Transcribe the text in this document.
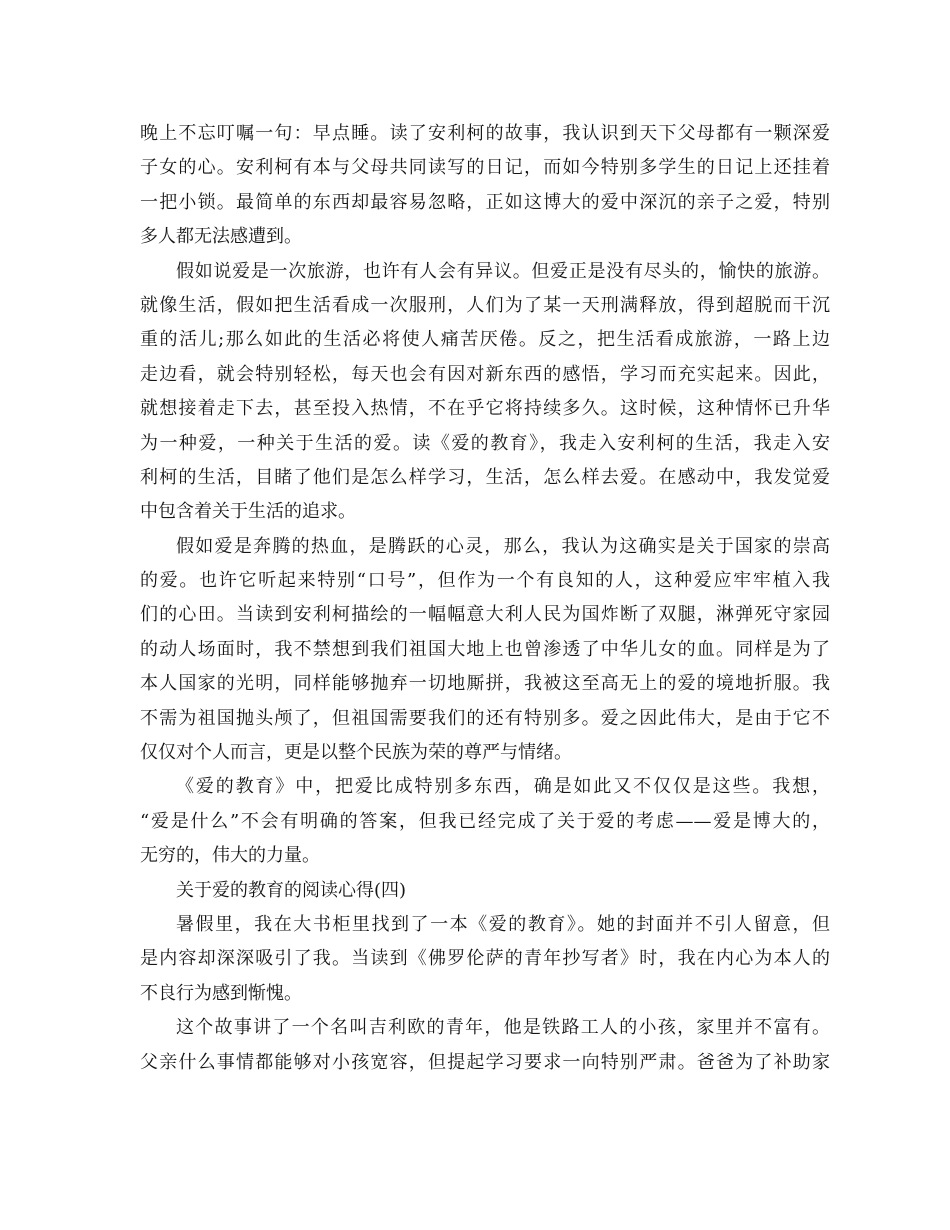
晚上不忘叮嘱一句：早点睡。读了安利柯的故事，我认识到天下父母都有一颗深爱
子女的心。安利柯有本与父母共同读写的日记，而如今特别多学生的日记上还挂着
一把小锁。最简单的东西却最容易忽略，正如这博大的爱中深沉的亲子之爱，特别
多人都无法感遭到。
假如说爱是一次旅游，也许有人会有异议。但爱正是没有尽头的，愉快的旅游。
就像生活，假如把生活看成一次服刑，人们为了某一天刑满释放，得到超脱而干沉
重的活儿;那么如此的生活必将使人痛苦厌倦。反之，把生活看成旅游，一路上边
走边看，就会特别轻松，每天也会有因对新东西的感悟，学习而充实起来。因此，
就想接着走下去，甚至投入热情，不在乎它将持续多久。这时候，这种情怀已升华
为一种爱，一种关于生活的爱。读《爱的教育》，我走入安利柯的生活，我走入安
利柯的生活，目睹了他们是怎么样学习，生活，怎么样去爱。在感动中，我发觉爱
中包含着关于生活的追求。
假如爱是奔腾的热血，是腾跃的心灵，那么，我认为这确实是关于国家的崇高
的爱。也许它听起来特别“口号”，但作为一个有良知的人，这种爱应牢牢植入我
们的心田。当读到安利柯描绘的一幅幅意大利人民为国炸断了双腿，淋弹死守家园
的动人场面时，我不禁想到我们祖国大地上也曾渗透了中华儿女的血。同样是为了
本人国家的光明，同样能够抛弃一切地厮拼，我被这至高无上的爱的境地折服。我
不需为祖国抛头颅了，但祖国需要我们的还有特别多。爱之因此伟大，是由于它不
仅仅对个人而言，更是以整个民族为荣的尊严与情绪。
《爱的教育》中，把爱比成特别多东西，确是如此又不仅仅是这些。我想，
“爱是什么”不会有明确的答案，但我已经完成了关于爱的考虑——爱是博大的，
无穷的，伟大的力量。
关于爱的教育的阅读心得(四)
暑假里，我在大书柜里找到了一本《爱的教育》。她的封面并不引人留意，但
是内容却深深吸引了我。当读到《佛罗伦萨的青年抄写者》时，我在内心为本人的
不良行为感到惭愧。
这个故事讲了一个名叫吉利欧的青年，他是铁路工人的小孩，家里并不富有。
父亲什么事情都能够对小孩宽容，但提起学习要求一向特别严肃。爸爸为了补助家
